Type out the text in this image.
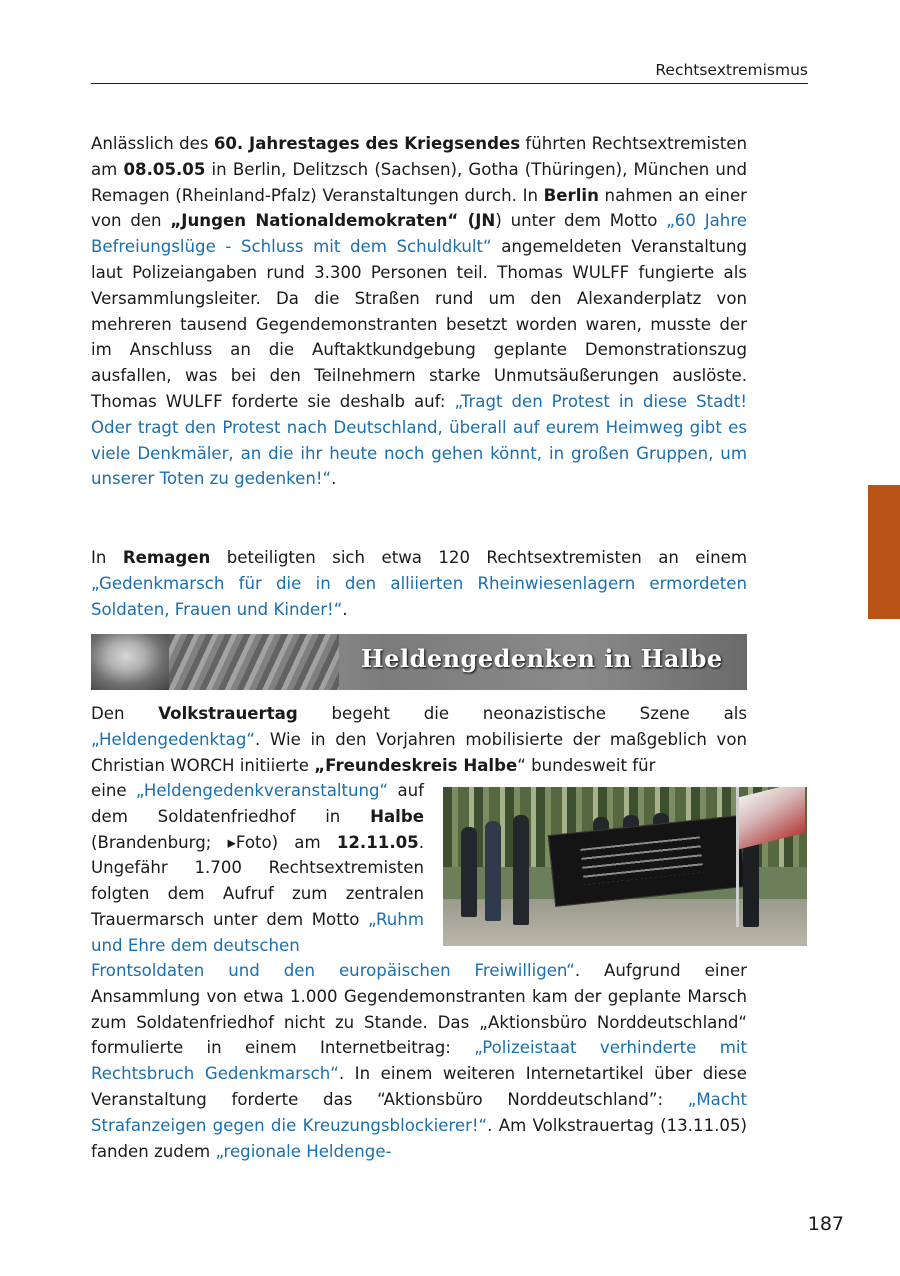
Rechtsextremismus

Anlässlich des 60. Jahrestages des Kriegsendes führten Rechtsextremisten am 08.05.05 in Berlin, Delitzsch (Sachsen), Gotha (Thüringen), München und Remagen (Rheinland-Pfalz) Veranstaltungen durch. In Berlin nahmen an einer von den „Jungen Nationaldemokraten“ (JN) unter dem Motto „60 Jahre Befreiungslüge - Schluss mit dem Schuldkult“ angemeldeten Veranstaltung laut Polizeiangaben rund 3.300 Personen teil. Thomas WULFF fungierte als Versammlungsleiter. Da die Straßen rund um den Alexanderplatz von mehreren tausend Gegendemonstranten besetzt worden waren, musste der im Anschluss an die Auftaktkundgebung geplante Demonstrationszug ausfallen, was bei den Teilnehmern starke Unmutsäußerungen auslöste. Thomas WULFF forderte sie deshalb auf: „Tragt den Protest in diese Stadt! Oder tragt den Protest nach Deutschland, überall auf eurem Heimweg gibt es viele Denkmäler, an die ihr heute noch gehen könnt, in großen Gruppen, um unserer Toten zu gedenken!“.

In Remagen beteiligten sich etwa 120 Rechtsextremisten an einem „Gedenkmarsch für die in den alliierten Rheinwiesenlagern ermordeten Soldaten, Frauen und Kinder!“.

Heldengedenken in Halbe

Den Volkstrauertag begeht die neonazistische Szene als „Heldengedenktag“. Wie in den Vorjahren mobilisierte der maßgeblich von Christian WORCH initiierte „Freundeskreis Halbe“ bundesweit für

eine „Heldengedenkveranstaltung“ auf dem Soldatenfriedhof in Halbe (Brandenburg; ▸Foto) am 12.11.05. Ungefähr 1.700 Rechtsextremisten folgten dem Aufruf zum zentralen Trauermarsch unter dem Motto „Ruhm und Ehre dem deutschen

Frontsoldaten und den europäischen Freiwilligen“. Aufgrund einer Ansammlung von etwa 1.000 Gegendemonstranten kam der geplante Marsch zum Soldatenfriedhof nicht zu Stande. Das „Aktionsbüro Norddeutschland“ formulierte in einem Internetbeitrag: „Polizeistaat verhinderte mit Rechtsbruch Gedenkmarsch“. In einem weiteren Internetartikel über diese Veranstaltung forderte das “Aktionsbüro Norddeutschland”: „Macht Strafanzeigen gegen die Kreuzungsblockierer!“. Am Volkstrauertag (13.11.05) fanden zudem „regionale Heldenge-

187
